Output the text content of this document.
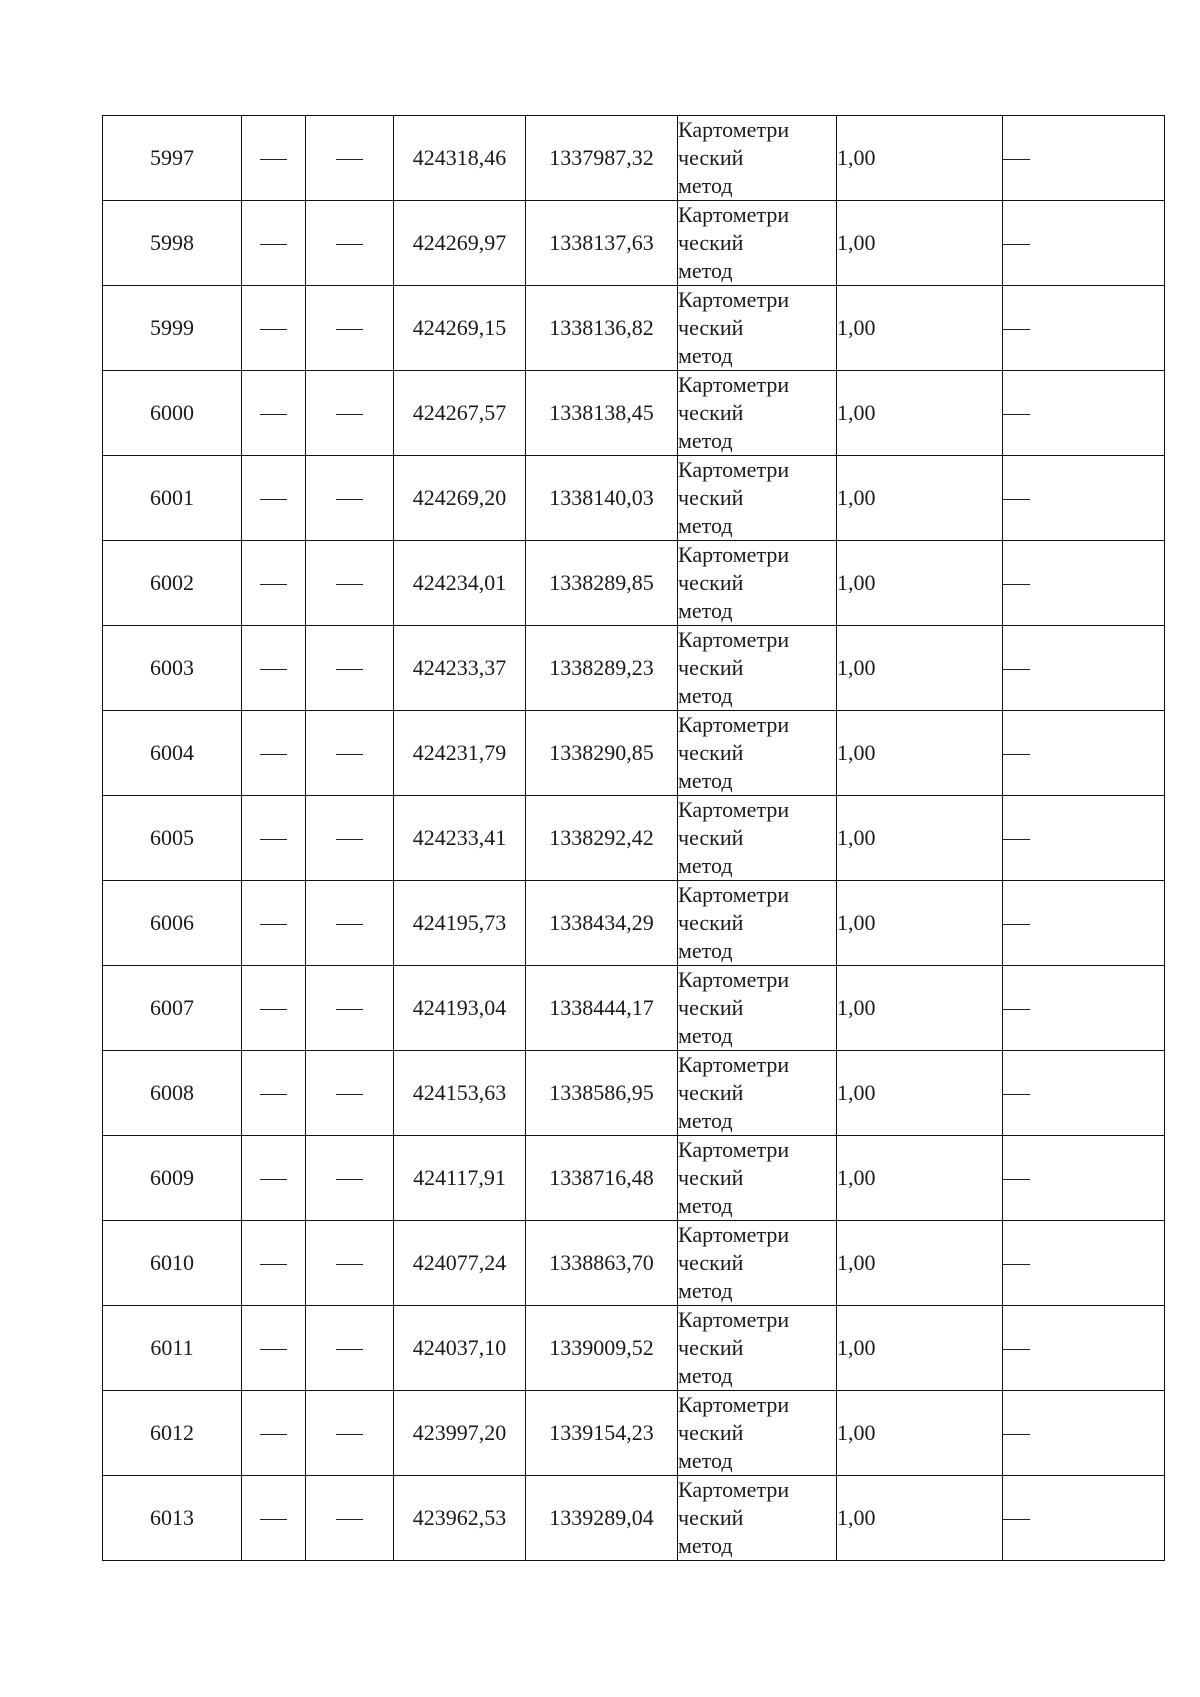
5997			424318,46	1337987,32	Картометри
ческий
метод	1,00	

5998			424269,97	1338137,63	Картометри
ческий
метод	1,00	

5999			424269,15	1338136,82	Картометри
ческий
метод	1,00	

6000			424267,57	1338138,45	Картометри
ческий
метод	1,00	

6001			424269,20	1338140,03	Картометри
ческий
метод	1,00	

6002			424234,01	1338289,85	Картометри
ческий
метод	1,00	

6003			424233,37	1338289,23	Картометри
ческий
метод	1,00	

6004			424231,79	1338290,85	Картометри
ческий
метод	1,00	

6005			424233,41	1338292,42	Картометри
ческий
метод	1,00	

6006			424195,73	1338434,29	Картометри
ческий
метод	1,00	

6007			424193,04	1338444,17	Картометри
ческий
метод	1,00	

6008			424153,63	1338586,95	Картометри
ческий
метод	1,00	

6009			424117,91	1338716,48	Картометри
ческий
метод	1,00	

6010			424077,24	1338863,70	Картометри
ческий
метод	1,00	

6011			424037,10	1339009,52	Картометри
ческий
метод	1,00	

6012			423997,20	1339154,23	Картометри
ческий
метод	1,00	

6013			423962,53	1339289,04	Картометри
ческий
метод	1,00	
